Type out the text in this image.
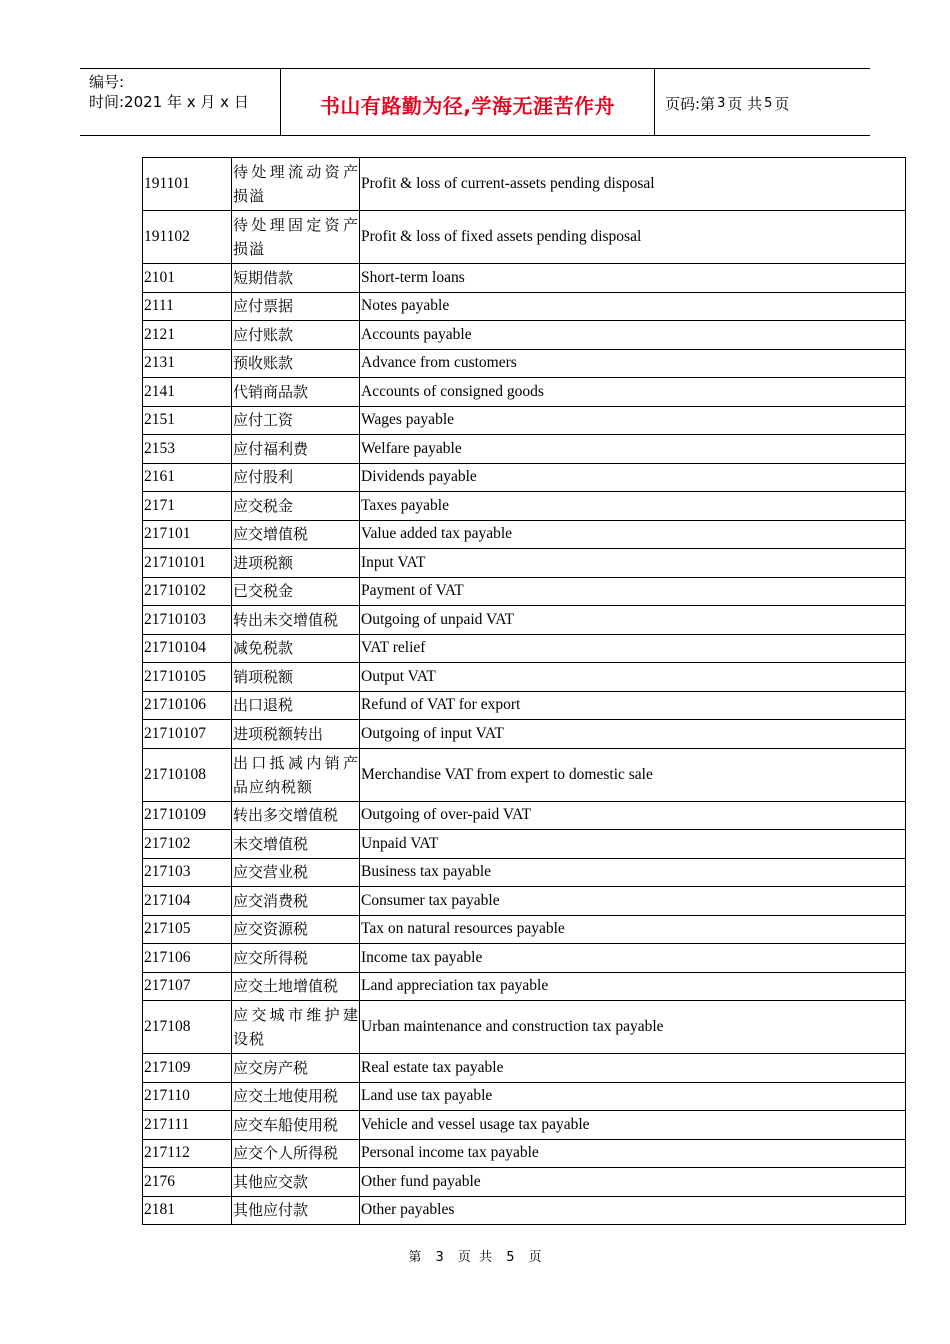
编号:
时间:2021 年 x 月 x 日	书山有路勤为径,学海无涯苦作舟	页码:第 3 页 共 5 页
191101	待处理流动资产损溢	Profit & loss of current-assets pending disposal
191102	待处理固定资产损溢	Profit & loss of fixed assets pending disposal
2101	短期借款	Short-term loans
2111	应付票据	Notes payable
2121	应付账款	Accounts payable
2131	预收账款	Advance from customers
2141	代销商品款	Accounts of consigned goods
2151	应付工资	Wages payable
2153	应付福利费	Welfare payable
2161	应付股利	Dividends payable
2171	应交税金	Taxes payable
217101	应交增值税	Value added tax payable
21710101	进项税额	Input VAT
21710102	已交税金	Payment of VAT
21710103	转出未交增值税	Outgoing of unpaid VAT
21710104	减免税款	VAT relief
21710105	销项税额	Output VAT
21710106	出口退税	Refund of VAT for export
21710107	进项税额转出	Outgoing of input VAT
21710108	出口抵减内销产品应纳税额	Merchandise VAT from expert to domestic sale
21710109	转出多交增值税	Outgoing of over-paid VAT
217102	未交增值税	Unpaid VAT
217103	应交营业税	Business tax payable
217104	应交消费税	Consumer tax payable
217105	应交资源税	Tax on natural resources payable
217106	应交所得税	Income tax payable
217107	应交土地增值税	Land appreciation tax payable
217108	应交城市维护建设税	Urban maintenance and construction tax payable
217109	应交房产税	Real estate tax payable
217110	应交土地使用税	Land use tax payable
217111	应交车船使用税	Vehicle and vessel usage tax payable
217112	应交个人所得税	Personal income tax payable
2176	其他应交款	Other fund payable
2181	其他应付款	Other payables
第 3 页 共 5 页
